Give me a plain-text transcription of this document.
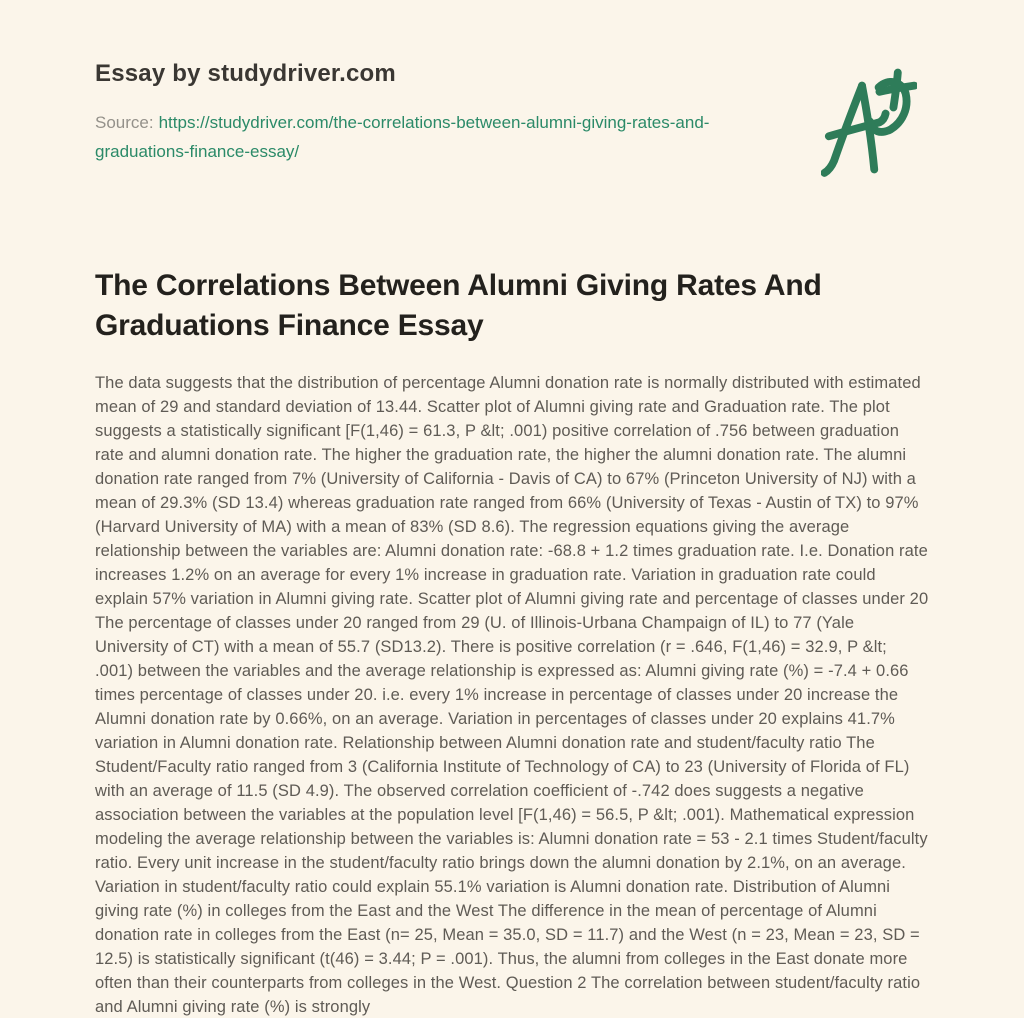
Essay by studydriver.com

Source: https://studydriver.com/the-correlations-between-alumni-giving-rates-and-graduations-finance-essay/

The Correlations Between Alumni Giving Rates And Graduations Finance Essay

The data suggests that the distribution of percentage Alumni donation rate is normally distributed with estimated mean of 29 and standard deviation of 13.44. Scatter plot of Alumni giving rate and Graduation rate. The plot suggests a statistically significant [F(1,46) = 61.3, P &lt; .001) positive correlation of .756 between graduation rate and alumni donation rate. The higher the graduation rate, the higher the alumni donation rate. The alumni donation rate ranged from 7% (University of California - Davis of CA) to 67% (Princeton University of NJ) with a mean of 29.3% (SD 13.4) whereas graduation rate ranged from 66% (University of Texas - Austin of TX) to 97% (Harvard University of MA) with a mean of 83% (SD 8.6). The regression equations giving the average relationship between the variables are: Alumni donation rate: -68.8 + 1.2 times graduation rate. I.e. Donation rate increases 1.2% on an average for every 1% increase in graduation rate. Variation in graduation rate could explain 57% variation in Alumni giving rate. Scatter plot of Alumni giving rate and percentage of classes under 20 The percentage of classes under 20 ranged from 29 (U. of Illinois-Urbana Champaign of IL) to 77 (Yale University of CT) with a mean of 55.7 (SD13.2). There is positive correlation (r = .646, F(1,46) = 32.9, P &lt; .001) between the variables and the average relationship is expressed as: Alumni giving rate (%) = -7.4 + 0.66 times percentage of classes under 20. i.e. every 1% increase in percentage of classes under 20 increase the Alumni donation rate by 0.66%, on an average. Variation in percentages of classes under 20 explains 41.7% variation in Alumni donation rate. Relationship between Alumni donation rate and student/faculty ratio The Student/Faculty ratio ranged from 3 (California Institute of Technology of CA) to 23 (University of Florida of FL) with an average of 11.5 (SD 4.9). The observed correlation coefficient of -.742 does suggests a negative association between the variables at the population level [F(1,46) = 56.5, P &lt; .001). Mathematical expression modeling the average relationship between the variables is: Alumni donation rate = 53 - 2.1 times Student/faculty ratio. Every unit increase in the student/faculty ratio brings down the alumni donation by 2.1%, on an average. Variation in student/faculty ratio could explain 55.1% variation is Alumni donation rate. Distribution of Alumni giving rate (%) in colleges from the East and the West The difference in the mean of percentage of Alumni donation rate in colleges from the East (n= 25, Mean = 35.0, SD = 11.7) and the West (n = 23, Mean = 23, SD = 12.5) is statistically significant (t(46) = 3.44; P = .001). Thus, the alumni from colleges in the East donate more often than their counterparts from colleges in the West. Question 2 The correlation between student/faculty ratio and Alumni giving rate (%) is strongly
